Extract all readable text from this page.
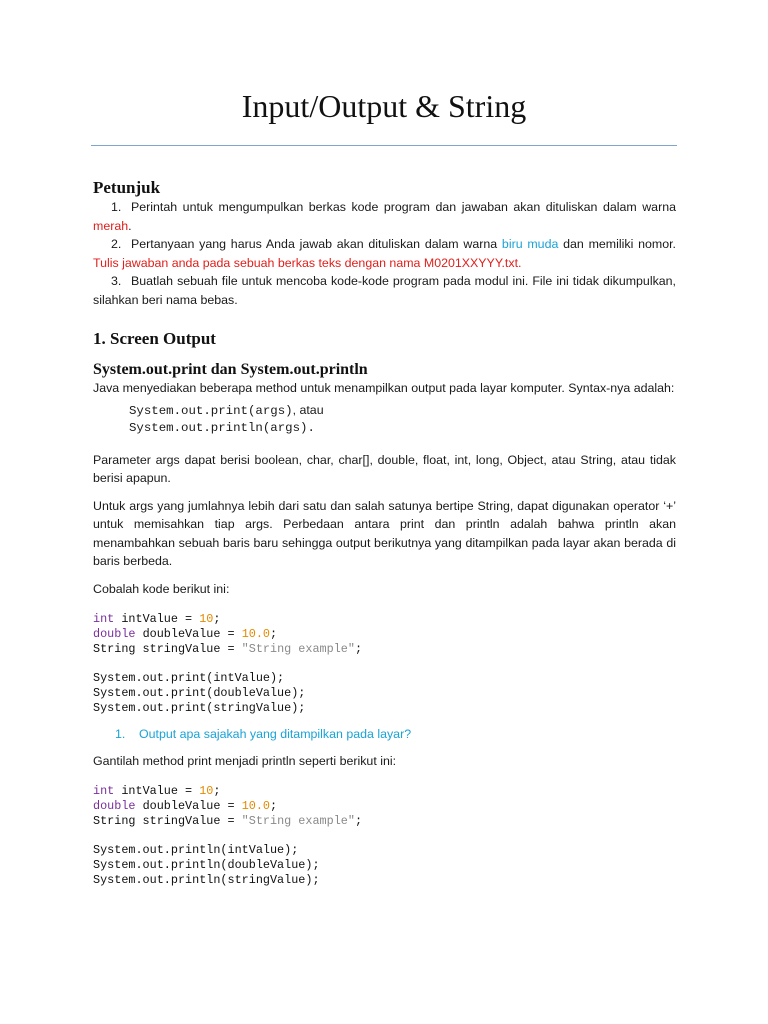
Input/Output & String
Petunjuk
1. Perintah untuk mengumpulkan berkas kode program dan jawaban akan dituliskan dalam warna merah.
2. Pertanyaan yang harus Anda jawab akan dituliskan dalam warna biru muda dan memiliki nomor. Tulis jawaban anda pada sebuah berkas teks dengan nama M0201XXYYY.txt.
3. Buatlah sebuah file untuk mencoba kode-kode program pada modul ini. File ini tidak dikumpulkan, silahkan beri nama bebas.
1. Screen Output
System.out.print dan System.out.println

Java menyediakan beberapa method untuk menampilkan output pada layar komputer. Syntax-nya adalah:

System.out.print(args), atau
System.out.println(args).

Parameter args dapat berisi boolean, char, char[], double, float, int, long, Object, atau String, atau tidak berisi apapun.

Untuk args yang jumlahnya lebih dari satu dan salah satunya bertipe String, dapat digunakan operator ‘+’ untuk memisahkan tiap args. Perbedaan antara print dan println adalah bahwa println akan menambahkan sebuah baris baru sehingga output berikutnya yang ditampilkan pada layar akan berada di baris berbeda.

Cobalah kode berikut ini:

int intValue = 10;
double doubleValue = 10.0;
String stringValue = "String example";

System.out.print(intValue);
System.out.print(doubleValue);
System.out.print(stringValue);
1. Output apa sajakah yang ditampilkan pada layar?

Gantilah method print menjadi println seperti berikut ini:

int intValue = 10;
double doubleValue = 10.0;
String stringValue = "String example";

System.out.println(intValue);
System.out.println(doubleValue);
System.out.println(stringValue);
